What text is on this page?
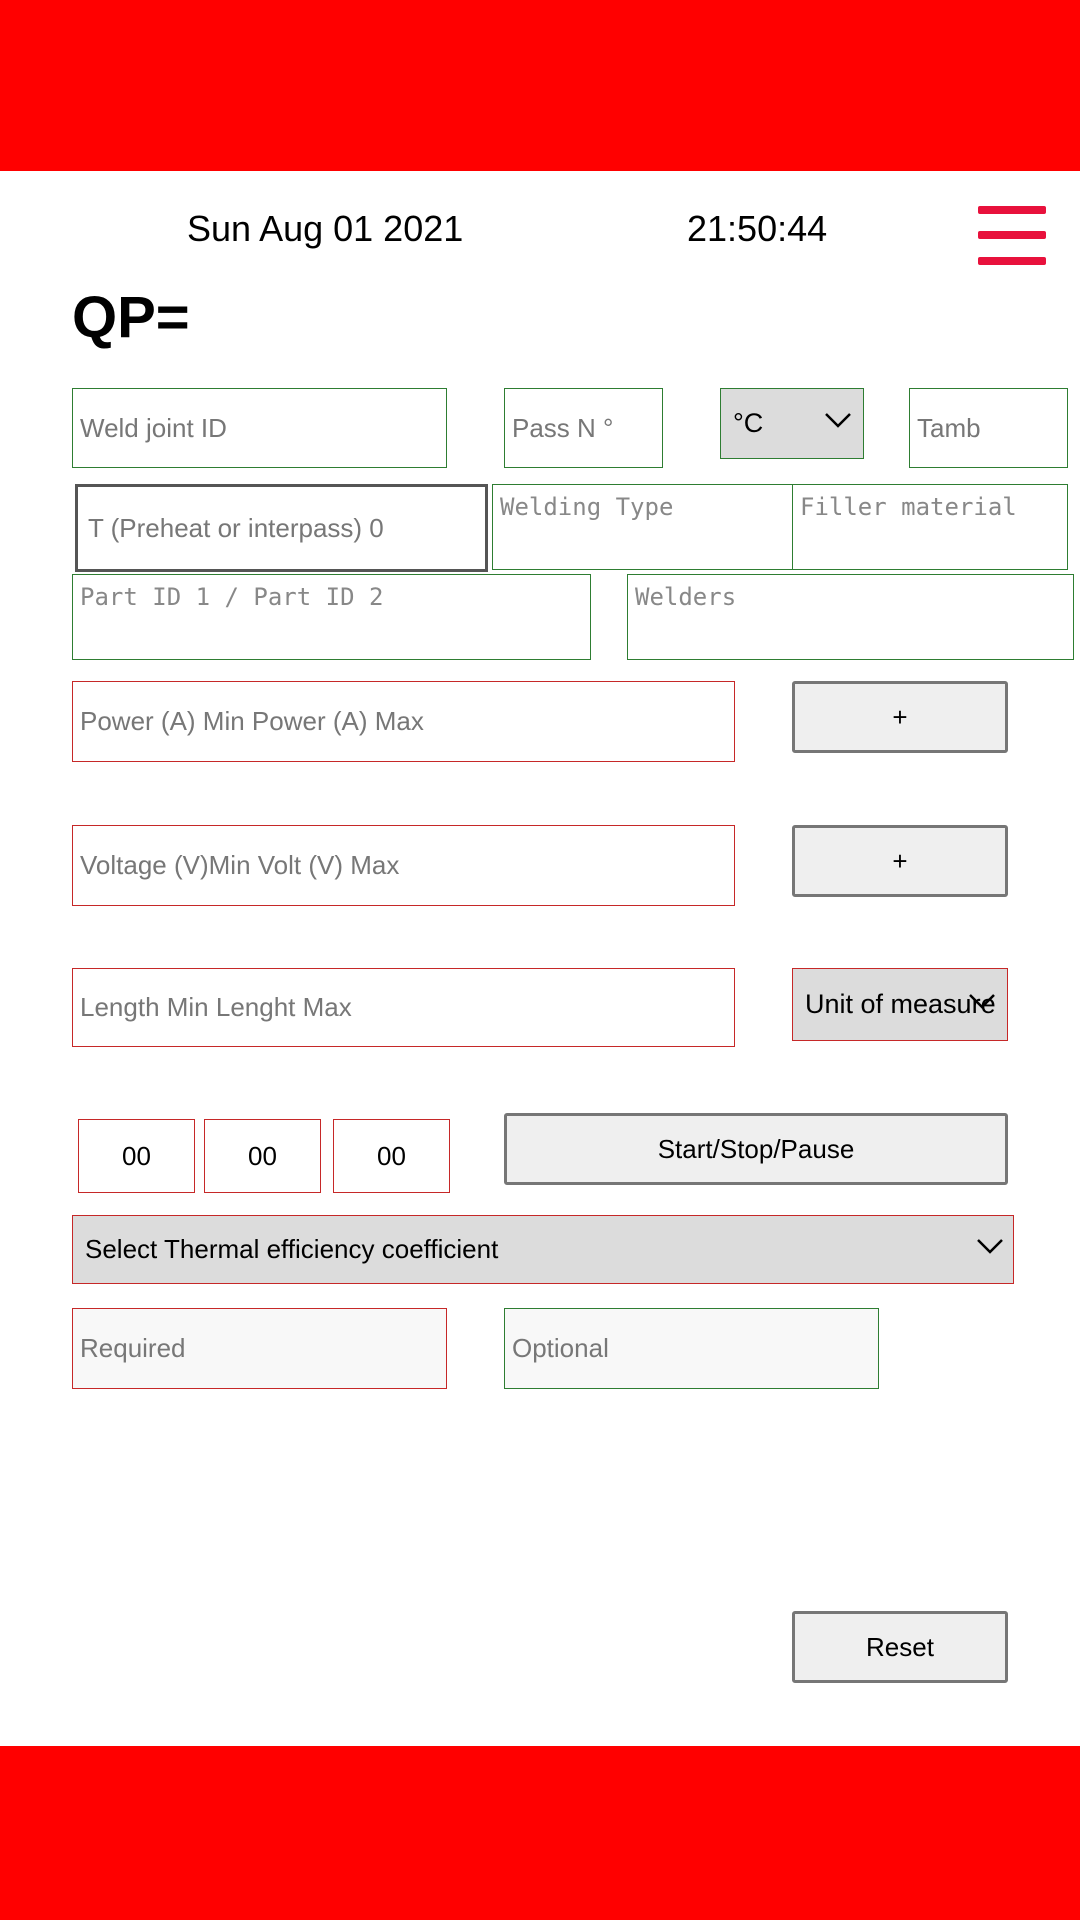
Sun Aug 01 2021	21:50:44
QP=
Weld joint ID	Pass N °	°C	Tamb
T (Preheat or interpass) 0
Welding Type	Filler material
Part ID 1 / Part ID 2	Welders
Power (A) Min Power (A) Max	+
Voltage (V)Min Volt (V) Max	+
Length Min Lenght Max	Unit of measure
00	00	00	Start/Stop/Pause
Select Thermal efficiency coefficient
Required	Optional
Reset
